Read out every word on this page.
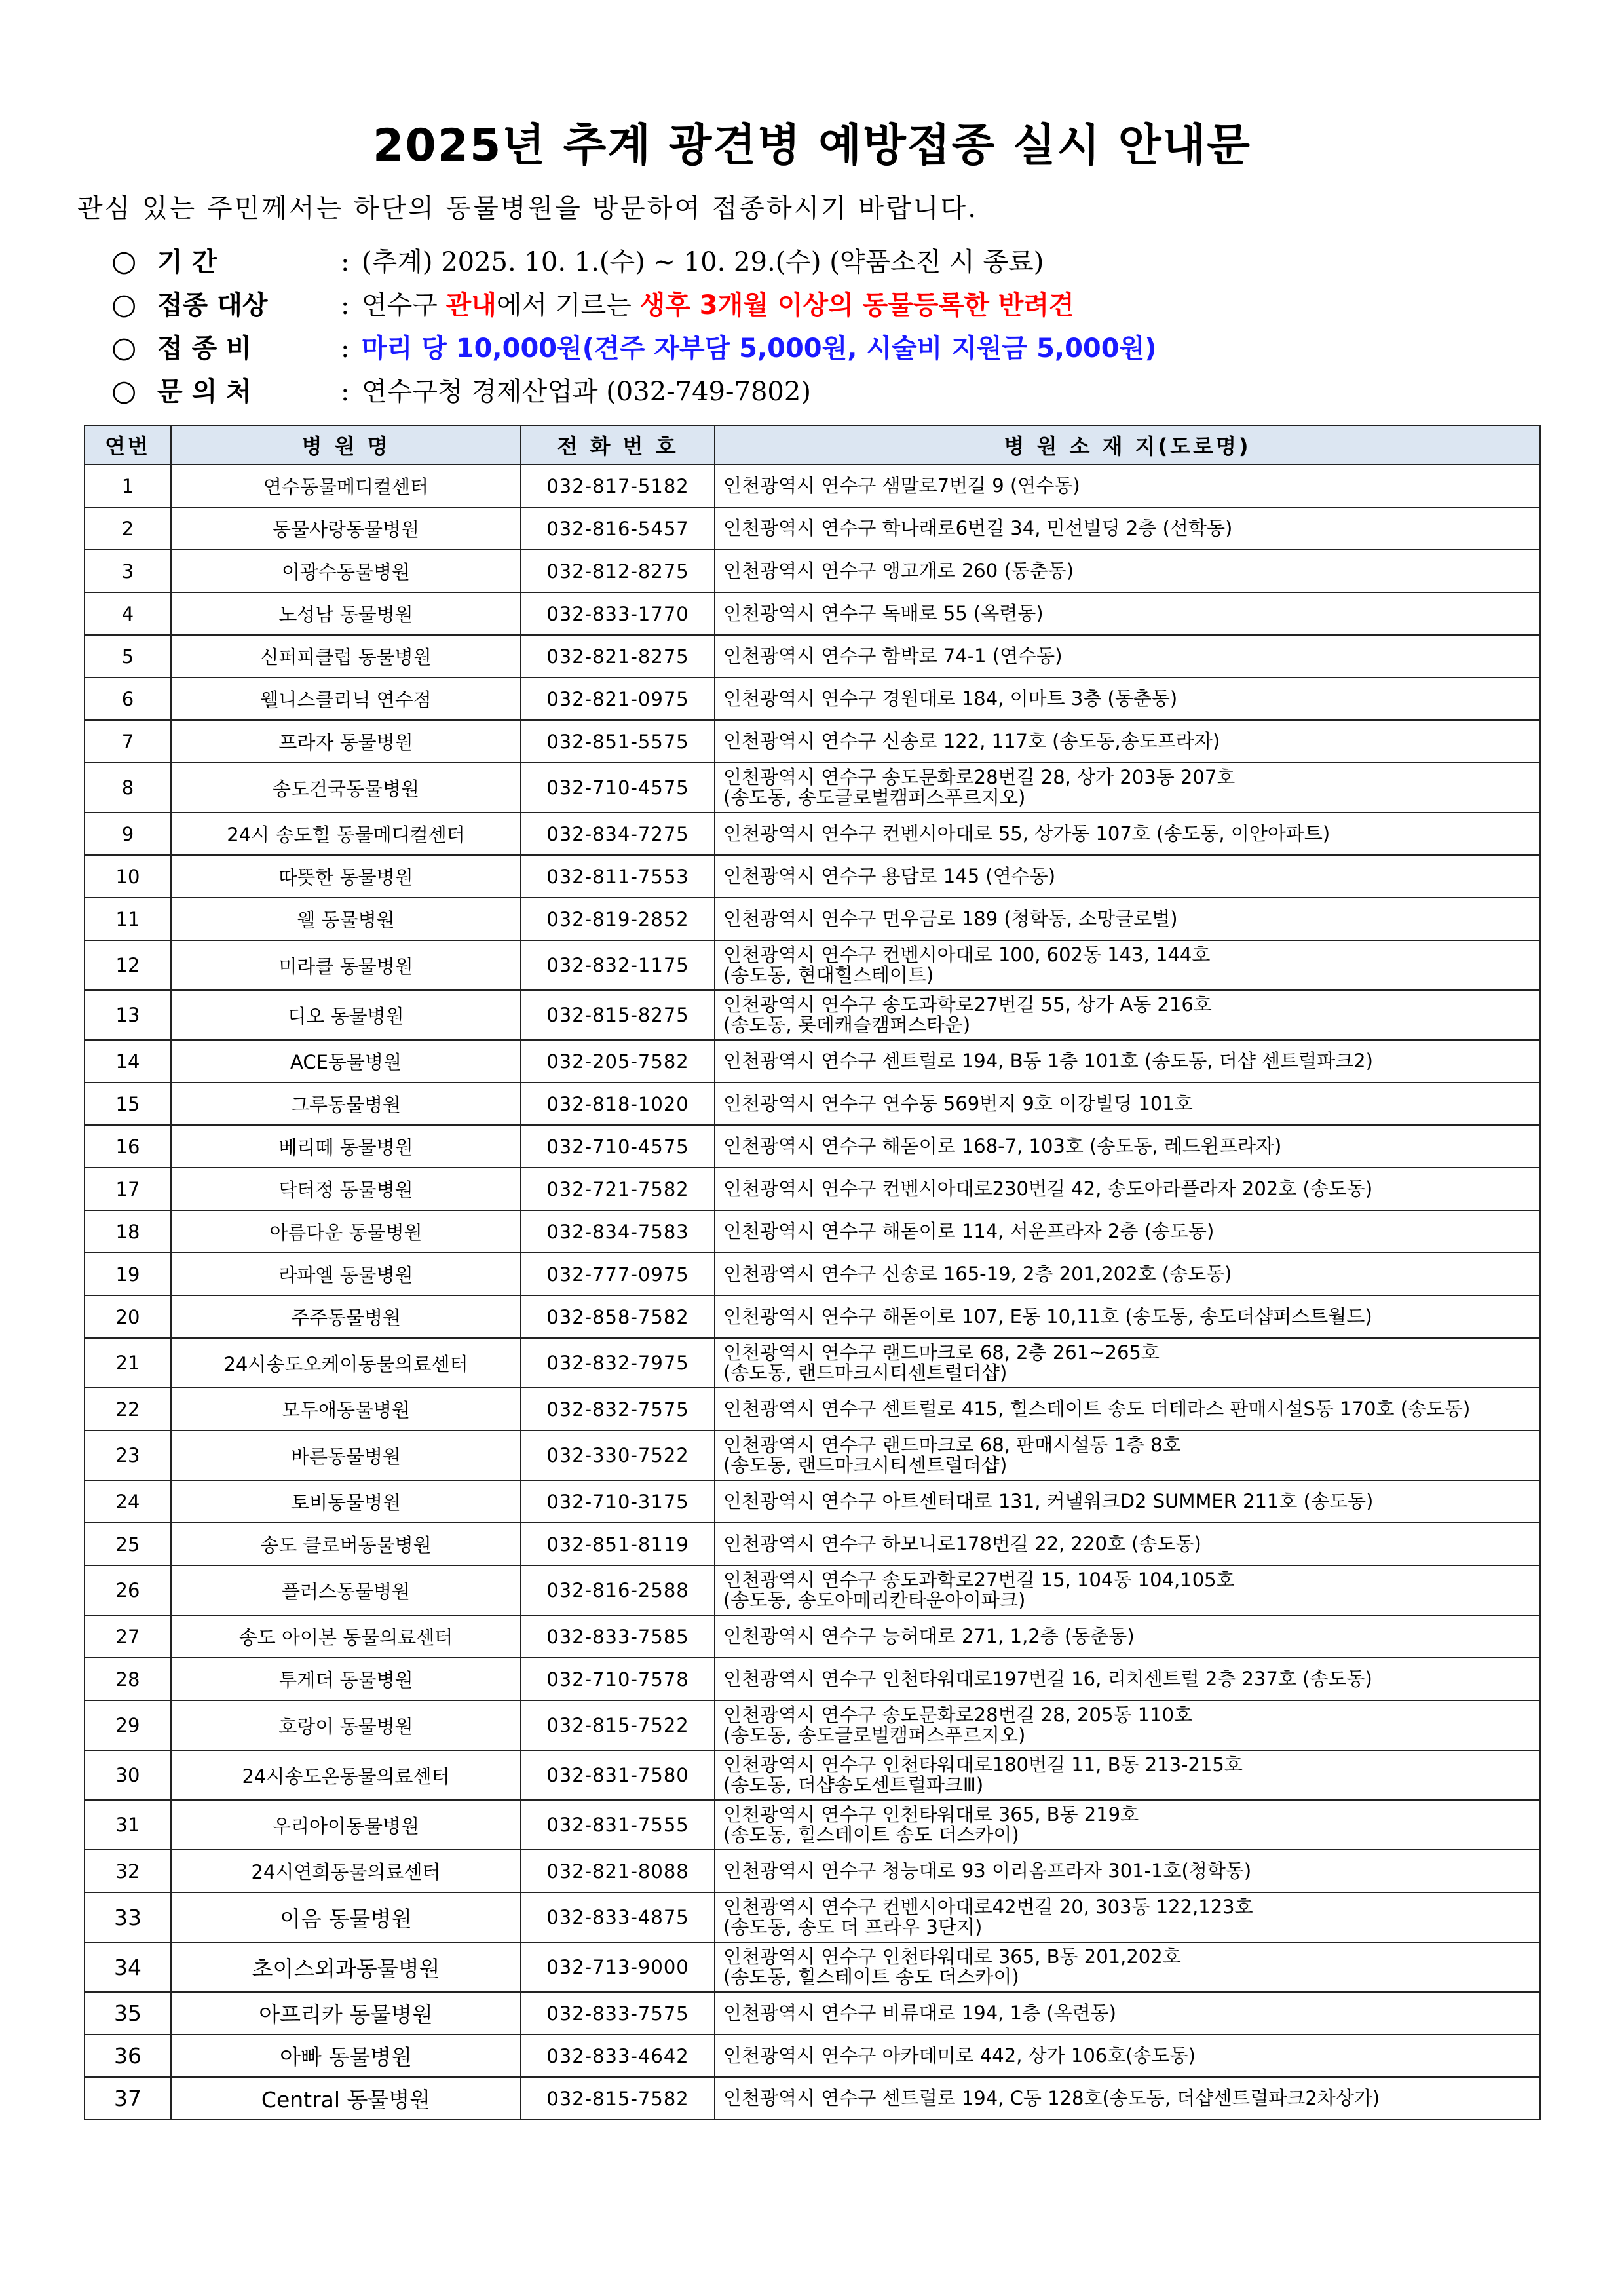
2025년 추계 광견병 예방접종 실시 안내문
관심 있는 주민께서는 하단의 동물병원을 방문하여 접종하시기 바랍니다.
○ 기 간	: (추계) 2025. 10. 1.(수) ~ 10. 29.(수) (약품소진 시 종료)
○ 접종 대상	: 연수구 관내에서 기르는 생후 3개월 이상의 동물등록한 반려견
○ 접 종 비	: 마리 당 10,000원(견주 자부담 5,000원, 시술비 지원금 5,000원)
○ 문 의 처	: 연수구청 경제산업과 (032-749-7802)
연번	병 원 명	전 화 번 호	병 원 소 재 지(도로명)
1	연수동물메디컬센터	032-817-5182	인천광역시 연수구 샘말로7번길 9 (연수동)

2	동물사랑동물병원	032-816-5457	인천광역시 연수구 학나래로6번길 34, 민선빌딩 2층 (선학동)

3	이광수동물병원	032-812-8275	인천광역시 연수구 앵고개로 260 (동춘동)

4	노성남 동물병원	032-833-1770	인천광역시 연수구 독배로 55 (옥련동)

5	신퍼피클럽 동물병원	032-821-8275	인천광역시 연수구 함박로 74-1 (연수동)

6	웰니스클리닉 연수점	032-821-0975	인천광역시 연수구 경원대로 184, 이마트 3층 (동춘동)

7	프라자 동물병원	032-851-5575	인천광역시 연수구 신송로 122, 117호 (송도동,송도프라자)

8	송도건국동물병원	032-710-4575	인천광역시 연수구 송도문화로28번길 28, 상가 203동 207호
(송도동, 송도글로벌캠퍼스푸르지오)

9	24시 송도힐 동물메디컬센터	032-834-7275	인천광역시 연수구 컨벤시아대로 55, 상가동 107호 (송도동, 이안아파트)

10	따뜻한 동물병원	032-811-7553	인천광역시 연수구 용담로 145 (연수동)

11	웰 동물병원	032-819-2852	인천광역시 연수구 먼우금로 189 (청학동, 소망글로벌)

12	미라클 동물병원	032-832-1175	인천광역시 연수구 컨벤시아대로 100, 602동 143, 144호
(송도동, 현대힐스테이트)

13	디오 동물병원	032-815-8275	인천광역시 연수구 송도과학로27번길 55, 상가 A동 216호
(송도동, 롯데캐슬캠퍼스타운)

14	ACE동물병원	032-205-7582	인천광역시 연수구 센트럴로 194, B동 1층 101호 (송도동, 더샵 센트럴파크2)

15	그루동물병원	032-818-1020	인천광역시 연수구 연수동 569번지 9호 이강빌딩 101호

16	베리떼 동물병원	032-710-4575	인천광역시 연수구 해돋이로 168-7, 103호 (송도동, 레드윈프라자)

17	닥터정 동물병원	032-721-7582	인천광역시 연수구 컨벤시아대로230번길 42, 송도아라플라자 202호 (송도동)

18	아름다운 동물병원	032-834-7583	인천광역시 연수구 해돋이로 114, 서운프라자 2층 (송도동)

19	라파엘 동물병원	032-777-0975	인천광역시 연수구 신송로 165-19, 2층 201,202호 (송도동)

20	주주동물병원	032-858-7582	인천광역시 연수구 해돋이로 107, E동 10,11호 (송도동, 송도더샵퍼스트월드)

21	24시송도오케이동물의료센터	032-832-7975	인천광역시 연수구 랜드마크로 68, 2층 261~265호
(송도동, 랜드마크시티센트럴더샵)

22	모두애동물병원	032-832-7575	인천광역시 연수구 센트럴로 415, 힐스테이트 송도 더테라스 판매시설S동 170호 (송도동)

23	바른동물병원	032-330-7522	인천광역시 연수구 랜드마크로 68, 판매시설동 1층 8호
(송도동, 랜드마크시티센트럴더샵)

24	토비동물병원	032-710-3175	인천광역시 연수구 아트센터대로 131, 커낼워크D2 SUMMER 211호 (송도동)

25	송도 클로버동물병원	032-851-8119	인천광역시 연수구 하모니로178번길 22, 220호 (송도동)

26	플러스동물병원	032-816-2588	인천광역시 연수구 송도과학로27번길 15, 104동 104,105호
(송도동, 송도아메리칸타운아이파크)

27	송도 아이본 동물의료센터	032-833-7585	인천광역시 연수구 능허대로 271, 1,2층 (동춘동)

28	투게더 동물병원	032-710-7578	인천광역시 연수구 인천타워대로197번길 16, 리치센트럴 2층 237호 (송도동)

29	호랑이 동물병원	032-815-7522	인천광역시 연수구 송도문화로28번길 28, 205동 110호
(송도동, 송도글로벌캠퍼스푸르지오)

30	24시송도온동물의료센터	032-831-7580	인천광역시 연수구 인천타워대로180번길 11, B동 213-215호
(송도동, 더샵송도센트럴파크Ⅲ)

31	우리아이동물병원	032-831-7555	인천광역시 연수구 인천타워대로 365, B동 219호
(송도동, 힐스테이트 송도 더스카이)

32	24시연희동물의료센터	032-821-8088	인천광역시 연수구 청능대로 93 이리옴프라자 301-1호(청학동)

33	이음 동물병원	032-833-4875	인천광역시 연수구 컨벤시아대로42번길 20, 303동 122,123호
(송도동, 송도 더 프라우 3단지)

34	초이스외과동물병원	032-713-9000	인천광역시 연수구 인천타워대로 365, B동 201,202호
(송도동, 힐스테이트 송도 더스카이)

35	아프리카 동물병원	032-833-7575	인천광역시 연수구 비류대로 194, 1층 (옥련동)

36	아빠 동물병원	032-833-4642	인천광역시 연수구 아카데미로 442, 상가 106호(송도동)

37	Central 동물병원	032-815-7582	인천광역시 연수구 센트럴로 194, C동 128호(송도동, 더샵센트럴파크2차상가)
